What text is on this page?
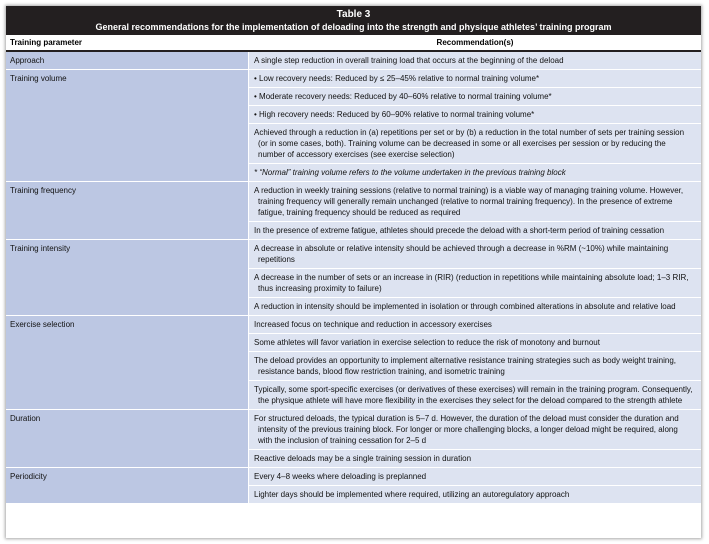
Table 3
General recommendations for the implementation of deloading into the strength and physique athletes’ training program
Training parameter	Recommendation(s)
Approach	A single step reduction in overall training load that occurs at the beginning of the deload
Training volume	• Low recovery needs: Reduced by ≤ 25–45% relative to normal training volume*
• Moderate recovery needs: Reduced by 40–60% relative to normal training volume*
• High recovery needs: Reduced by 60–90% relative to normal training volume*
Achieved through a reduction in (a) repetitions per set or by (b) a reduction in the total number of sets per training session (or in some cases, both). Training volume can be decreased in some or all exercises per session or by reducing the number of accessory exercises (see exercise selection)
* “Normal” training volume refers to the volume undertaken in the previous training block
Training frequency	A reduction in weekly training sessions (relative to normal training) is a viable way of managing training volume. However, training frequency will generally remain unchanged (relative to normal training frequency). In the presence of extreme fatigue, training frequency should be reduced as required
In the presence of extreme fatigue, athletes should precede the deload with a short-term period of training cessation
Training intensity	A decrease in absolute or relative intensity should be achieved through a decrease in %RM (~10%) while maintaining repetitions
A decrease in the number of sets or an increase in (RIR) (reduction in repetitions while maintaining absolute load; 1–3 RIR, thus increasing proximity to failure)
A reduction in intensity should be implemented in isolation or through combined alterations in absolute and relative load
Exercise selection	Increased focus on technique and reduction in accessory exercises
Some athletes will favor variation in exercise selection to reduce the risk of monotony and burnout
The deload provides an opportunity to implement alternative resistance training strategies such as body weight training, resistance bands, blood flow restriction training, and isometric training
Typically, some sport-specific exercises (or derivatives of these exercises) will remain in the training program. Consequently, the physique athlete will have more flexibility in the exercises they select for the deload compared to the strength athlete
Duration	For structured deloads, the typical duration is 5–7 d. However, the duration of the deload must consider the duration and intensity of the previous training block. For longer or more challenging blocks, a longer deload might be required, along with the inclusion of training cessation for 2–5 d
Reactive deloads may be a single training session in duration
Periodicity	Every 4–8 weeks where deloading is preplanned
Lighter days should be implemented where required, utilizing an autoregulatory approach
